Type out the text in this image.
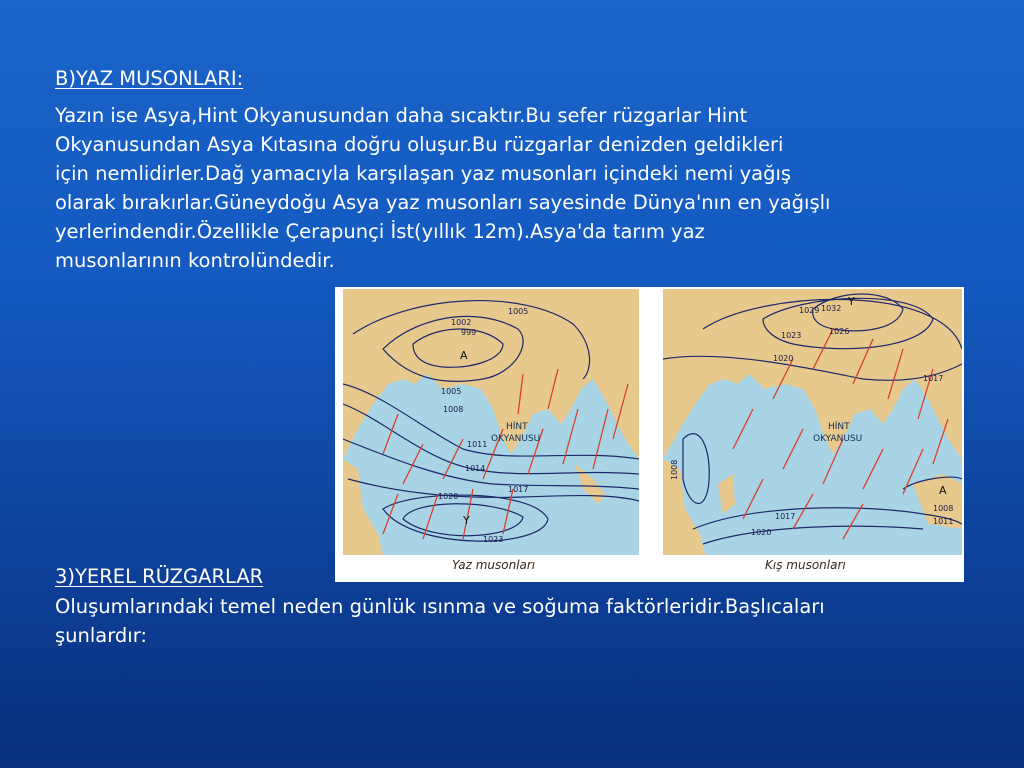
B)YAZ MUSONLARI:

Yazın ise Asya,Hint Okyanusundan daha sıcaktır.Bu sefer rüzgarlar Hint

Okyanusundan Asya Kıtasına doğru oluşur.Bu rüzgarlar denizden geldikleri

için nemlidirler.Dağ yamacıyla karşılaşan yaz musonları içindeki nemi yağış

olarak bırakırlar.Güneydoğu Asya yaz musonları sayesinde Dünya'nın en yağışlı

yerlerindendir.Özellikle Çerapunçi İst(yıllık 12m).Asya'da tarım yaz

musonlarının kontrolündedir.

1005
1002
999
1005
1008
1011
1014
1017
1020
1023
HİNT
OKYANUSU
A
Y
1029 1032
1026
1023
1020
1017
1008
1017
1020
1008
1011
HİNT
OKYANUSU
Y
A
Yaz musonları	Kış musonları
3)YEREL RÜZGARLAR

Oluşumlarındaki temel neden günlük ısınma ve soğuma faktörleridir.Başlıcaları

şunlardır:
